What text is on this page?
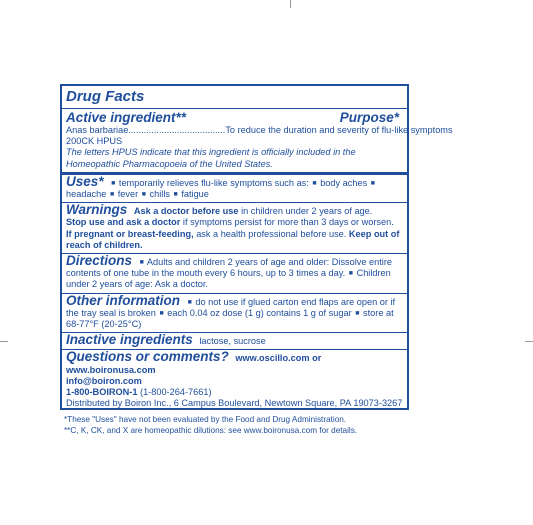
Drug Facts
Active ingredient**	Purpose*
Anas barbariae......................................To reduce the duration and severity of flu-like symptoms
200CK HPUS
The letters HPUS indicate that this ingredient is officially included in the Homeopathic Pharmacopoeia of the United States.
Uses* ■ temporarily relieves flu-like symptoms such as: ■ body aches ■ headache ■ fever ■ chills ■ fatigue
Warnings Ask a doctor before use in children under 2 years of age.
Stop use and ask a doctor if symptoms persist for more than 3 days or worsen.
If pregnant or breast-feeding, ask a health professional before use. Keep out of reach of children.
Directions ■ Adults and children 2 years of age and older: Dissolve entire contents of one tube in the mouth every 6 hours, up to 3 times a day. ■ Children under 2 years of age: Ask a doctor.
Other information ■ do not use if glued carton end flaps are open or if the tray seal is broken ■ each 0.04 oz dose (1 g) contains 1 g of sugar ■ store at 68-77°F (20-25°C)
Inactive ingredients lactose, sucrose
Questions or comments? www.oscillo.com or www.boironusa.com
info@boiron.com
1-800-BOIRON-1 (1-800-264-7661)
Distributed by Boiron Inc., 6 Campus Boulevard, Newtown Square, PA 19073-3267
*These "Uses" have not been evaluated by the Food and Drug Administration.
**C, K, CK, and X are homeopathic dilutions: see www.boironusa.com for details.
